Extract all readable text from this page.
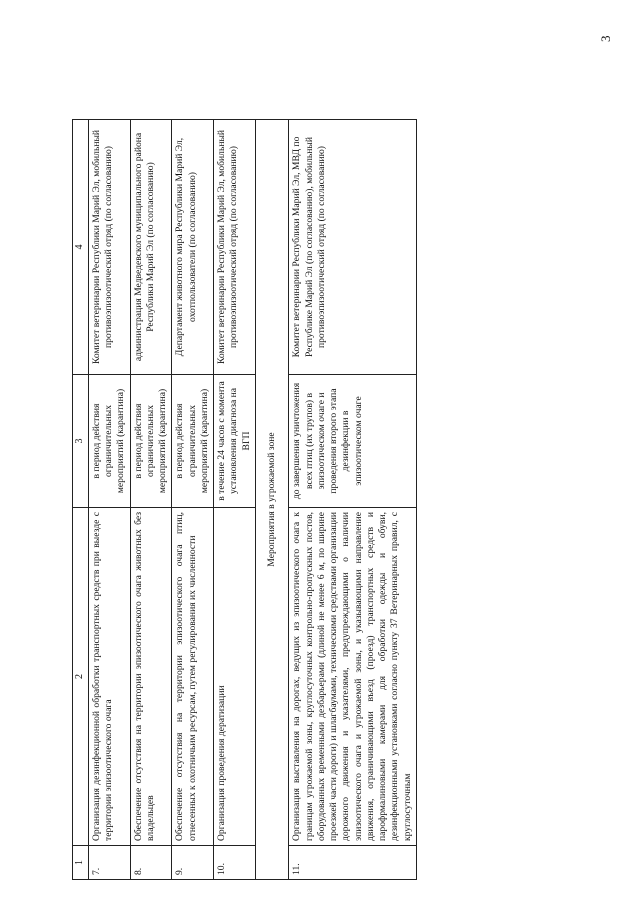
3
1	2	3	4
7.	Организация дезинфекционной обработки транспортных средств при выезде с территории эпизоотического очага	в период действия ограничительных мероприятий (карантина)	Комитет ветеринарии Республики Марий Эл, мобильный противоэпизоотический отряд (по согласованию)
8.	Обеспечение отсутствия на территории эпизоотического очага животных без владельцев	в период действия ограничительных мероприятий (карантина)	администрация Медведевского муниципального района Республики Марий Эл (по согласованию)
9.	Обеспечение отсутствия на территории эпизоотического очага птиц, отнесенных к охотничьим ресурсам, путем регулирования их численности	в период действия ограничительных мероприятий (карантина)	Департамент животного мира Республики Марий Эл, охотпользователи (по согласованию)
10.	Организация проведения дератизации	в течение 24 часов с момента установления диагноза на ВГП	Комитет ветеринарии Республики Марий Эл, мобильный противоэпизоотический отряд (по согласованию)
Мероприятия в угрожаемой зоне			
11.	Организация выставления на дорогах, ведущих из эпизоотического очага к границам угрожаемой зоны, круглосуточных контрольно-пропускных постов, оборудованных временными дезбарьерами (длиной не менее 6 м, по ширине проезжей части дороги) и шлагбаумами, техническими средствами организации дорожного движения и указателями, предупреждающими о наличии эпизоотического очага и угрожаемой зоны, и указывающими направление движения, ограничивающими въезд (проезд) транспортных средств и парофрмалиновыми камерами для обработки одежды и обуви, дезинфекционными установками согласно пункту 37 Ветеринарных правил, с круглосуточным	до завершения уничтожения всех птиц (их трупов) в эпизоотическом очаге и проведения второго этапа дезинфекции в эпизоотическом очаге	Комитет ветеринарии Республики Марий Эл, МВД по Республике Марий Эл (по согласованию), мобильный противоэпизоотический отряд (по согласованию)
